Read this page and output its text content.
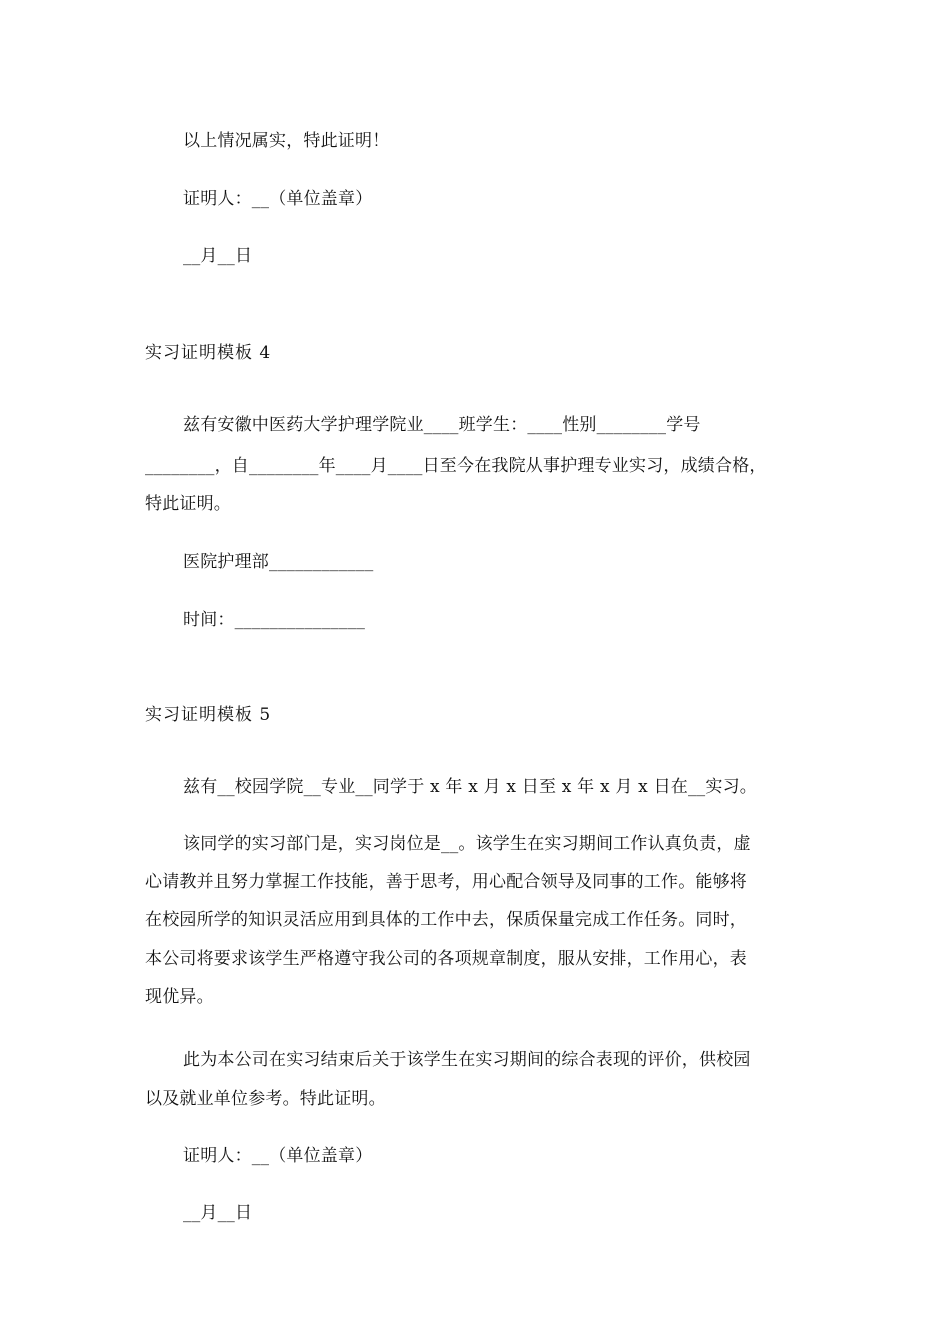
以上情况属实，特此证明！
证明人：__（单位盖章）
__月__日
实习证明模板 4
兹有安徽中医药大学护理学院业____班学生：____性别________学号
________，自________年____月____日至今在我院从事护理专业实习，成绩合格，
特此证明。
医院护理部____________
时间：_______________
实习证明模板 5
兹有__校园学院__专业__同学于 x 年 x 月 x 日至 x 年 x 月 x 日在__实习。
该同学的实习部门是，实习岗位是__。该学生在实习期间工作认真负责，虚
心请教并且努力掌握工作技能，善于思考，用心配合领导及同事的工作。能够将
在校园所学的知识灵活应用到具体的工作中去，保质保量完成工作任务。同时，
本公司将要求该学生严格遵守我公司的各项规章制度，服从安排，工作用心，表
现优异。
此为本公司在实习结束后关于该学生在实习期间的综合表现的评价，供校园
以及就业单位参考。特此证明。
证明人：__（单位盖章）
__月__日
